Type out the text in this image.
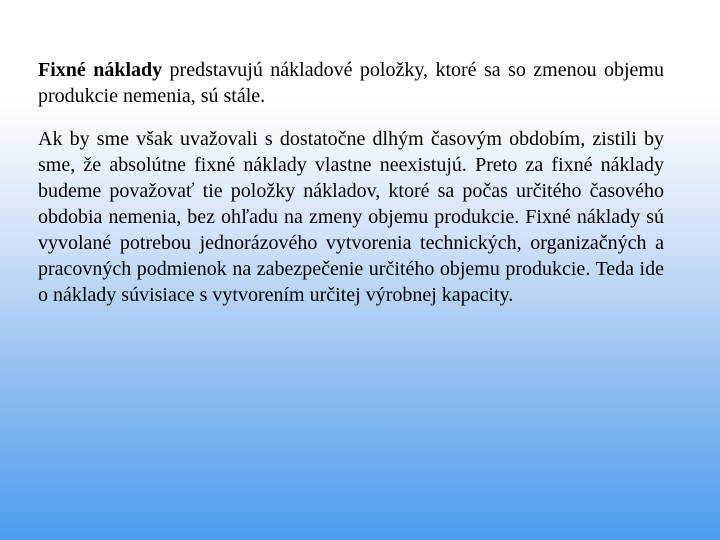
Fixné náklady predstavujú nákladové položky, ktoré sa so zmenou objemu produkcie nemenia, sú stále.

Ak by sme však uvažovali s dostatočne dlhým časovým obdobím, zistili by sme, že absolútne fixné náklady vlastne neexistujú. Preto za fixné náklady budeme považovať tie položky nákladov, ktoré sa počas určitého časového obdobia nemenia, bez ohľadu na zmeny objemu produkcie. Fixné náklady sú vyvolané potrebou jednorázového vytvorenia technických, organizačných a pracovných podmienok na zabezpečenie určitého objemu produkcie. Teda ide o náklady súvisiace s vytvorením určitej výrobnej kapacity.
